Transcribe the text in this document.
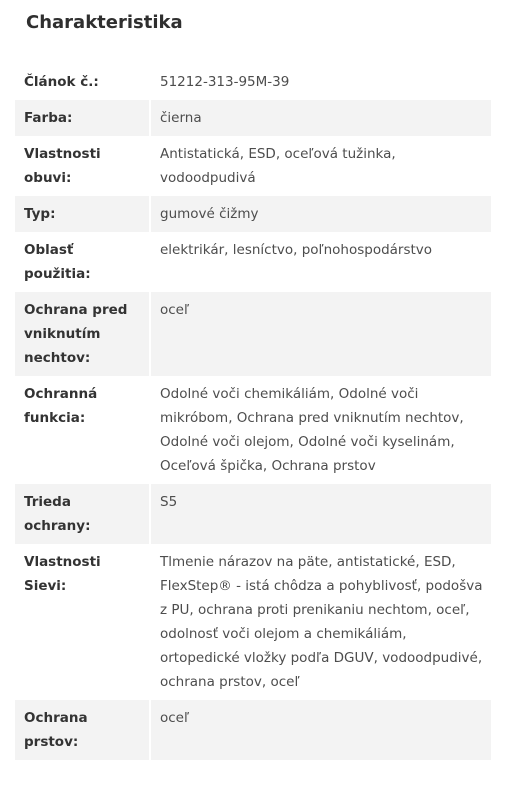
Charakteristika
Článok č.:	51212-313-95M-39
Farba:	čierna
Vlastnosti obuvi:	Antistatická, ESD, oceľová tužinka, vodoodpudivá
Typ:	gumové čižmy
Oblasť použitia:	elektrikár, lesníctvo, poľnohospodárstvo
Ochrana pred vniknutím nechtov:	oceľ
Ochranná funkcia:	Odolné voči chemikáliám, Odolné voči mikróbom, Ochrana pred vniknutím nechtov, Odolné voči olejom, Odolné voči kyselinám, Oceľová špička, Ochrana prstov
Trieda ochrany:	S5
Vlastnosti Sievi:	Tlmenie nárazov na päte, antistatické, ESD, FlexStep® - istá chôdza a pohyblivosť, podošva z PU, ochrana proti prenikaniu nechtom, oceľ, odolnosť voči olejom a chemikáliám, ortopedické vložky podľa DGUV, vodoodpudivé, ochrana prstov, oceľ
Ochrana prstov:	oceľ
